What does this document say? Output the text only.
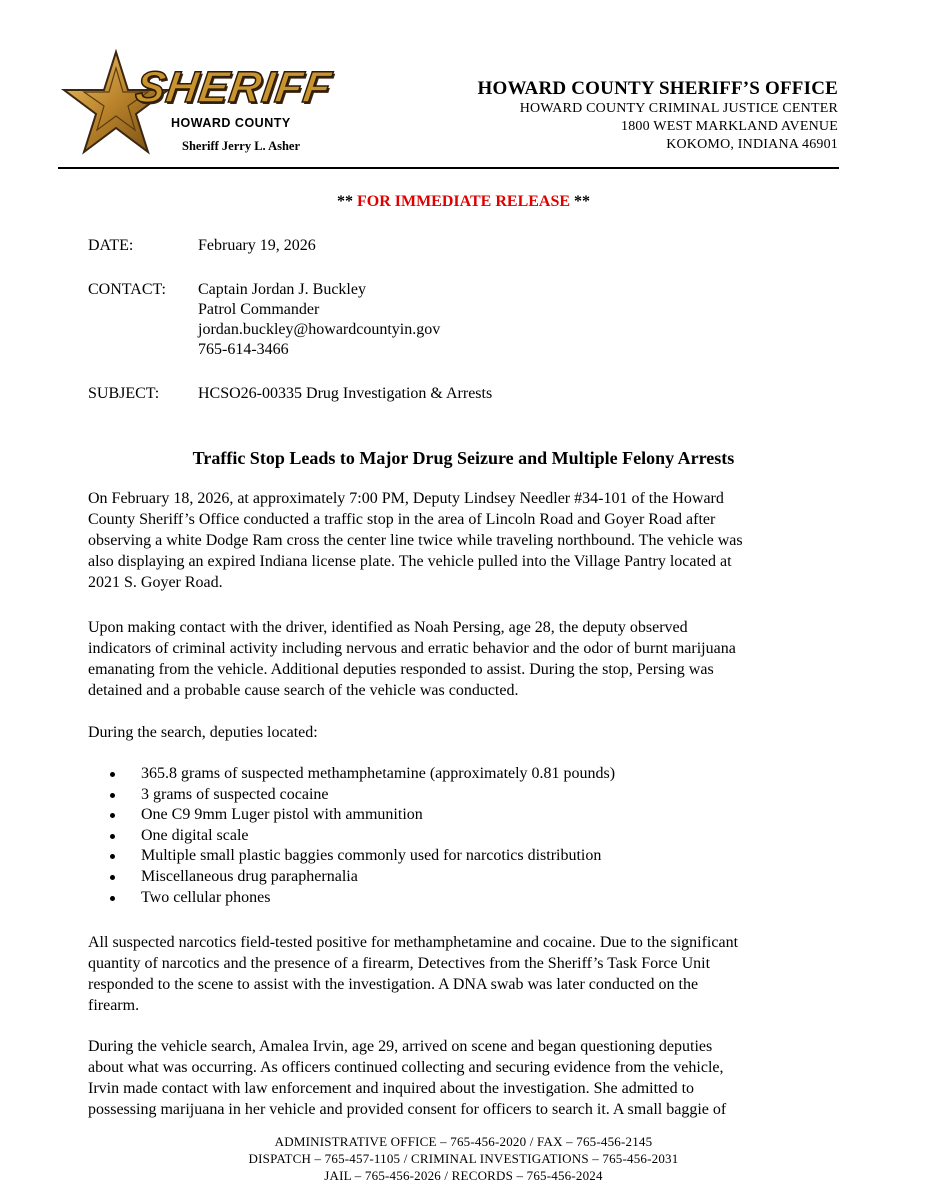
SHERIFF
HOWARD COUNTY
Sheriff Jerry L. Asher
HOWARD COUNTY SHERIFF’S OFFICE
HOWARD COUNTY CRIMINAL JUSTICE CENTER
1800 WEST MARKLAND AVENUE
KOKOMO, INDIANA 46901
** FOR IMMEDIATE RELEASE **
DATE:	February 19, 2026
CONTACT:	Captain Jordan J. Buckley
Patrol Commander
jordan.buckley@howardcountyin.gov
765-614-3466
SUBJECT:	HCSO26-00335 Drug Investigation & Arrests
Traffic Stop Leads to Major Drug Seizure and Multiple Felony Arrests
On February 18, 2026, at approximately 7:00 PM, Deputy Lindsey Needler #34-101 of the Howard
County Sheriff’s Office conducted a traffic stop in the area of Lincoln Road and Goyer Road after
observing a white Dodge Ram cross the center line twice while traveling northbound. The vehicle was
also displaying an expired Indiana license plate. The vehicle pulled into the Village Pantry located at
2021 S. Goyer Road.
Upon making contact with the driver, identified as Noah Persing, age 28, the deputy observed
indicators of criminal activity including nervous and erratic behavior and the odor of burnt marijuana
emanating from the vehicle. Additional deputies responded to assist. During the stop, Persing was
detained and a probable cause search of the vehicle was conducted.
During the search, deputies located:
365.8 grams of suspected methamphetamine (approximately 0.81 pounds)
3 grams of suspected cocaine
One C9 9mm Luger pistol with ammunition
One digital scale
Multiple small plastic baggies commonly used for narcotics distribution
Miscellaneous drug paraphernalia
Two cellular phones
All suspected narcotics field-tested positive for methamphetamine and cocaine. Due to the significant
quantity of narcotics and the presence of a firearm, Detectives from the Sheriff’s Task Force Unit
responded to the scene to assist with the investigation. A DNA swab was later conducted on the
firearm.
During the vehicle search, Amalea Irvin, age 29, arrived on scene and began questioning deputies
about what was occurring. As officers continued collecting and securing evidence from the vehicle,
Irvin made contact with law enforcement and inquired about the investigation. She admitted to
possessing marijuana in her vehicle and provided consent for officers to search it. A small baggie of
ADMINISTRATIVE OFFICE – 765-456-2020 / FAX – 765-456-2145
DISPATCH – 765-457-1105 / CRIMINAL INVESTIGATIONS – 765-456-2031
JAIL – 765-456-2026 / RECORDS – 765-456-2024
